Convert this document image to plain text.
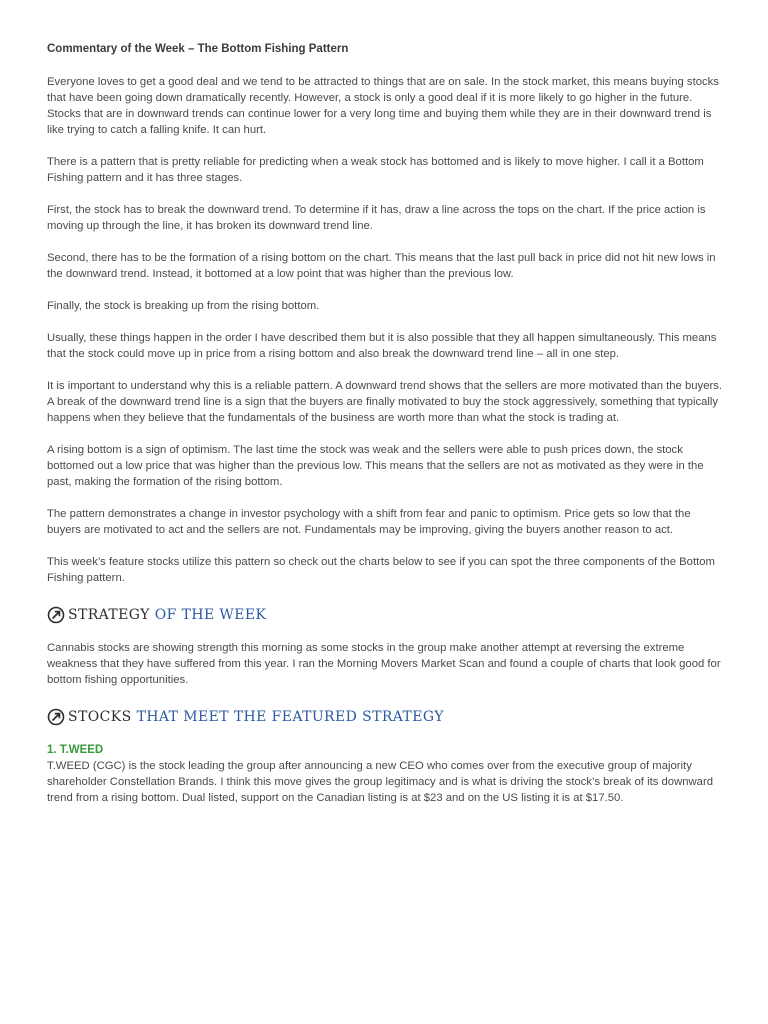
Commentary of the Week – The Bottom Fishing Pattern

Everyone loves to get a good deal and we tend to be attracted to things that are on sale. In the stock market, this means buying stocks that have been going down dramatically recently. However, a stock is only a good deal if it is more likely to go higher in the future. Stocks that are in downward trends can continue lower for a very long time and buying them while they are in their downward trend is like trying to catch a falling knife. It can hurt.

There is a pattern that is pretty reliable for predicting when a weak stock has bottomed and is likely to move higher. I call it a Bottom Fishing pattern and it has three stages.

First, the stock has to break the downward trend. To determine if it has, draw a line across the tops on the chart. If the price action is moving up through the line, it has broken its downward trend line.

Second, there has to be the formation of a rising bottom on the chart. This means that the last pull back in price did not hit new lows in the downward trend. Instead, it bottomed at a low point that was higher than the previous low.

Finally, the stock is breaking up from the rising bottom.

Usually, these things happen in the order I have described them but it is also possible that they all happen simultaneously. This means that the stock could move up in price from a rising bottom and also break the downward trend line – all in one step.

It is important to understand why this is a reliable pattern. A downward trend shows that the sellers are more motivated than the buyers. A break of the downward trend line is a sign that the buyers are finally motivated to buy the stock aggressively, something that typically happens when they believe that the fundamentals of the business are worth more than what the stock is trading at.

A rising bottom is a sign of optimism. The last time the stock was weak and the sellers were able to push prices down, the stock bottomed out a low price that was higher than the previous low. This means that the sellers are not as motivated as they were in the past, making the formation of the rising bottom.

The pattern demonstrates a change in investor psychology with a shift from fear and panic to optimism. Price gets so low that the buyers are motivated to act and the sellers are not. Fundamentals may be improving, giving the buyers another reason to act.

This week’s feature stocks utilize this pattern so check out the charts below to see if you can spot the three components of the Bottom Fishing pattern.

STRATEGY OF THE WEEK

Cannabis stocks are showing strength this morning as some stocks in the group make another attempt at reversing the extreme weakness that they have suffered from this year. I ran the Morning Movers Market Scan and found a couple of charts that look good for bottom fishing opportunities.

STOCKS THAT MEET THE FEATURED STRATEGY

1. T.WEED

T.WEED (CGC) is the stock leading the group after announcing a new CEO who comes over from the executive group of majority shareholder Constellation Brands. I think this move gives the group legitimacy and is what is driving the stock’s break of its downward trend from a rising bottom. Dual listed, support on the Canadian listing is at $23 and on the US listing it is at $17.50.
